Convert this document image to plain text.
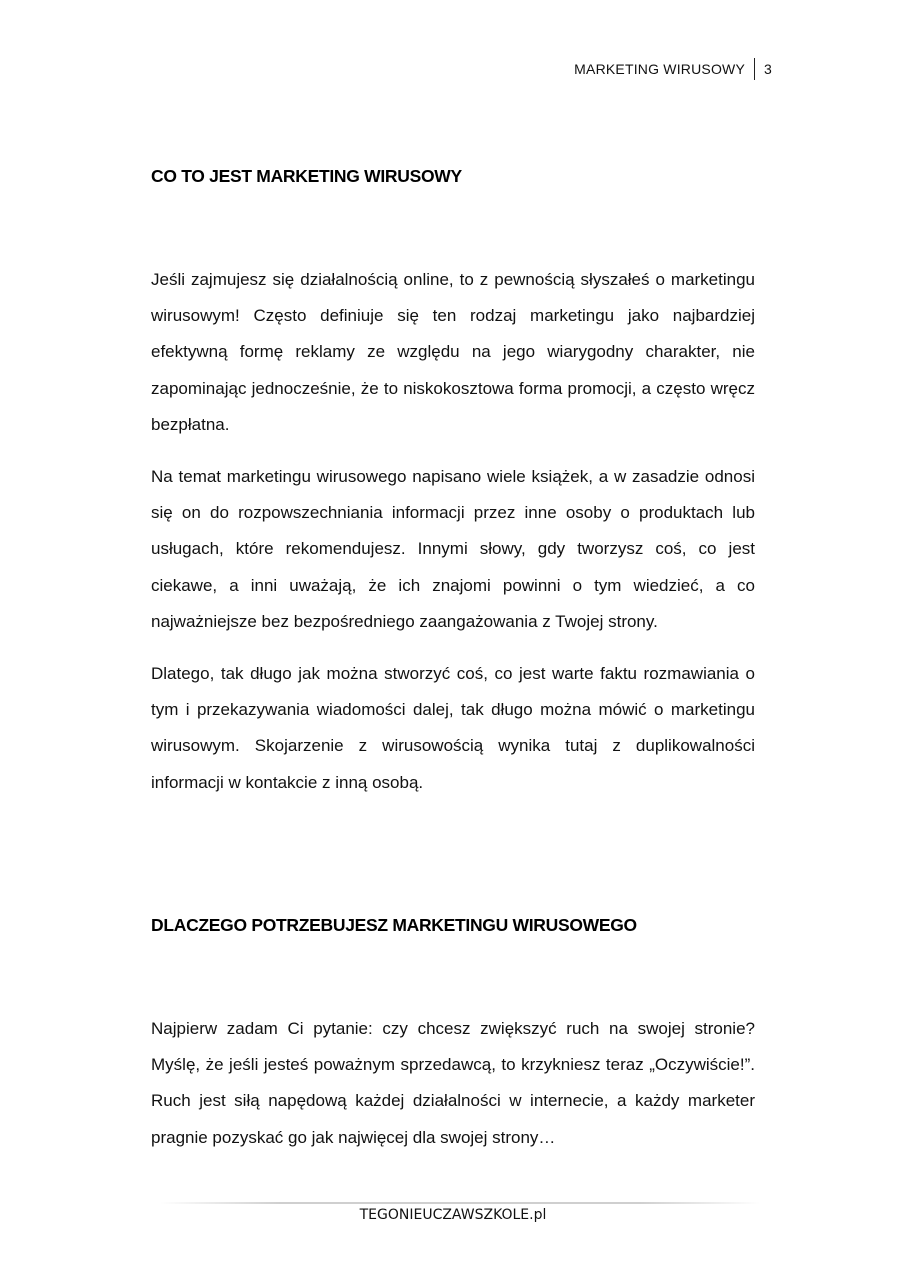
MARKETING WIRUSOWY	3
CO TO JEST MARKETING WIRUSOWY

Jeśli zajmujesz się działalnością online, to z pewnością słyszałeś o marketingu wirusowym! Często definiuje się ten rodzaj marketingu jako najbardziej efektywną formę reklamy ze względu na jego wiarygodny charakter, nie zapominając jednocześnie, że to niskokosztowa forma promocji, a często wręcz bezpłatna.

Na temat marketingu wirusowego napisano wiele książek, a w zasadzie odnosi się on do rozpowszechniania informacji przez inne osoby o produktach lub usługach, które rekomendujesz. Innymi słowy, gdy tworzysz coś, co jest ciekawe, a inni uważają, że ich znajomi powinni o tym wiedzieć, a co najważniejsze bez bezpośredniego zaangażowania z Twojej strony.

Dlatego, tak długo jak można stworzyć coś, co jest warte faktu rozmawiania o tym i przekazywania wiadomości dalej, tak długo można mówić o marketingu wirusowym. Skojarzenie z wirusowością wynika tutaj z duplikowalności informacji w kontakcie z inną osobą.

DLACZEGO POTRZEBUJESZ MARKETINGU WIRUSOWEGO

Najpierw zadam Ci pytanie: czy chcesz zwiększyć ruch na swojej stronie? Myślę, że jeśli jesteś poważnym sprzedawcą, to krzykniesz teraz „Oczywiście!”. Ruch jest siłą napędową każdej działalności w internecie, a każdy marketer pragnie pozyskać go jak najwięcej dla swojej strony…

TEGONIEUCZAWSZKOLE.pl
